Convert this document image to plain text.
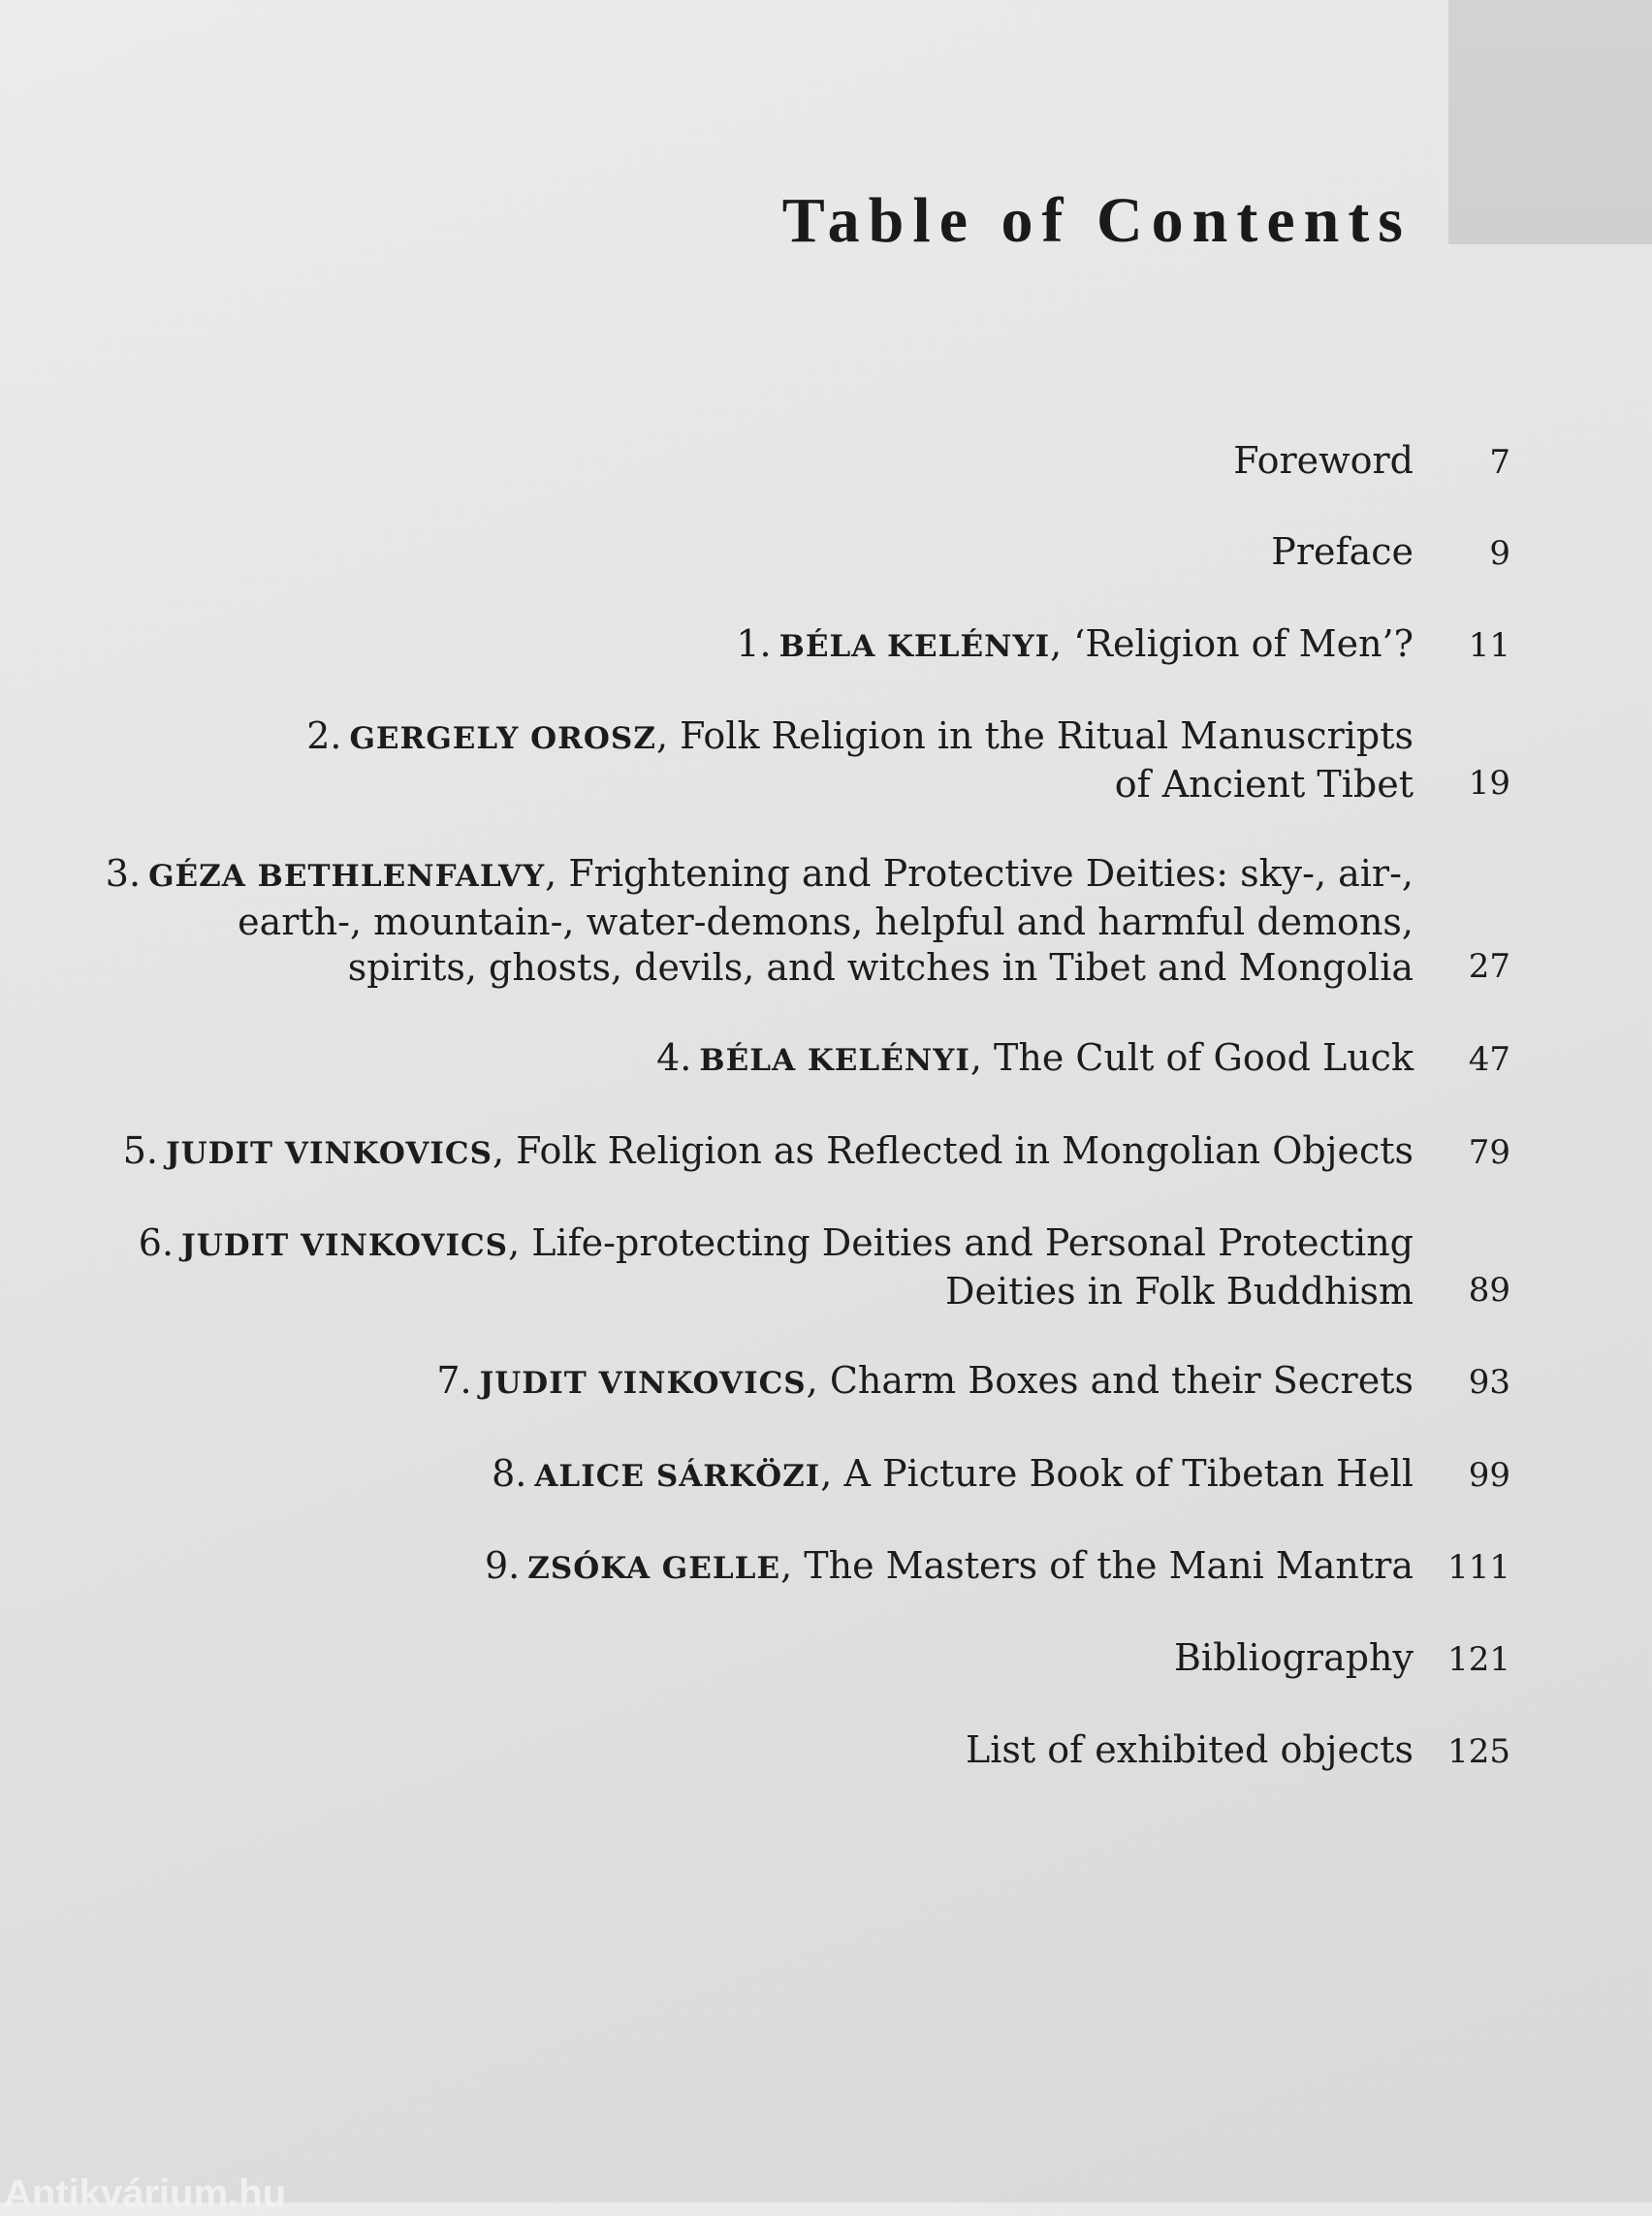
Table of Contents
Foreword	7
Preface	9
1. BÉLA KELÉNYI, ‘Religion of Men’?	11
2. GERGELY OROSZ, Folk Religion in the Ritual Manuscripts
of Ancient Tibet	19
3. GÉZA BETHLENFALVY, Frightening and Protective Deities: sky-, air-,
earth-, mountain-, water-demons, helpful and harmful demons,
spirits, ghosts, devils, and witches in Tibet and Mongolia	27
4. BÉLA KELÉNYI, The Cult of Good Luck	47
5. JUDIT VINKOVICS, Folk Religion as Reflected in Mongolian Objects	79
6. JUDIT VINKOVICS, Life-protecting Deities and Personal Protecting
Deities in Folk Buddhism	89
7. JUDIT VINKOVICS, Charm Boxes and their Secrets	93
8. ALICE SÁRKÖZI, A Picture Book of Tibetan Hell	99
9. ZSÓKA GELLE, The Masters of the Mani Mantra	111
Bibliography	121
List of exhibited objects	125
Antikvárium.hu
